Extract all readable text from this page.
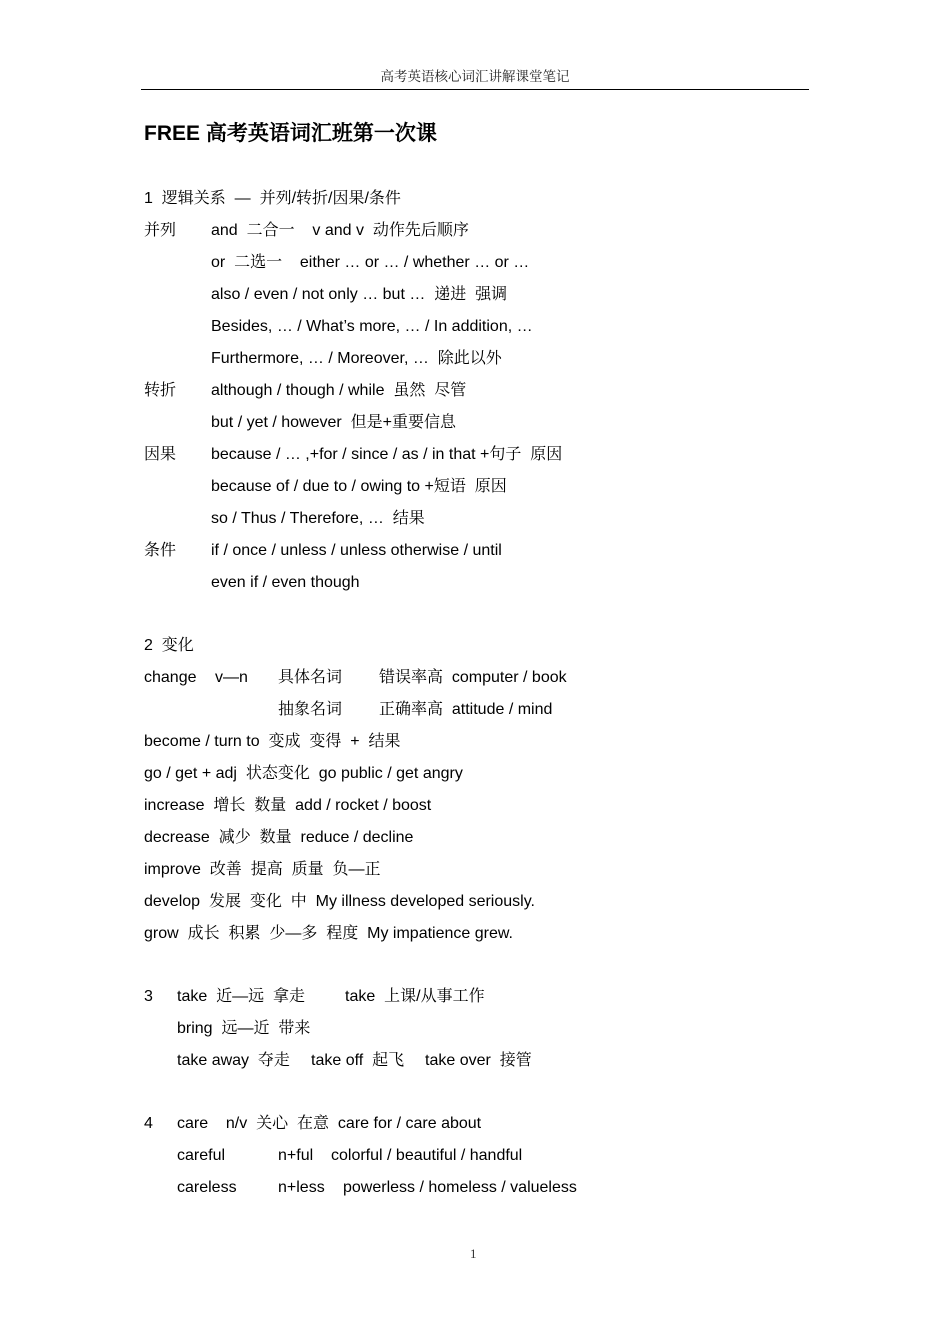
高考英语核心词汇讲解课堂笔记
FREE 高考英语词汇班第一次课
1  逻辑关系  —  并列/转折/因果/条件
并列 and  二合一    v and v  动作先后顺序
or  二选一    either … or … / whether … or …
also / even / not only … but …  递进  强调
Besides, … / What’s more, … / In addition, …
Furthermore, … / Moreover, …  除此以外
转折 although / though / while  虽然  尽管
but / yet / however  但是+重要信息
因果 because / … ,+for / since / as / in that +句子  原因
because of / due to / owing to +短语  原因
so / Thus / Therefore, …  结果
条件 if / once / unless / unless otherwise / until
even if / even though
2  变化
change v—n 具体名词 错误率高  computer / book
抽象名词 正确率高  attitude / mind
become / turn to  变成  变得  +  结果
go / get + adj  状态变化  go public / get angry
increase  增长  数量  add / rocket / boost
decrease  减少  数量  reduce / decline
improve  改善  提高  质量  负—正
develop  发展  变化  中  My illness developed seriously.
grow  成长  积累  少—多  程度  My impatience grew.
3 take  近—远  拿走 take  上课/从事工作
bring  远—近  带来
take away  夺走 take off  起飞 take over  接管
4 care    n/v  关心  在意  care for / care about
careful	n+ful colorful / beautiful / handful
careless	n+less powerless / homeless / valueless
1
